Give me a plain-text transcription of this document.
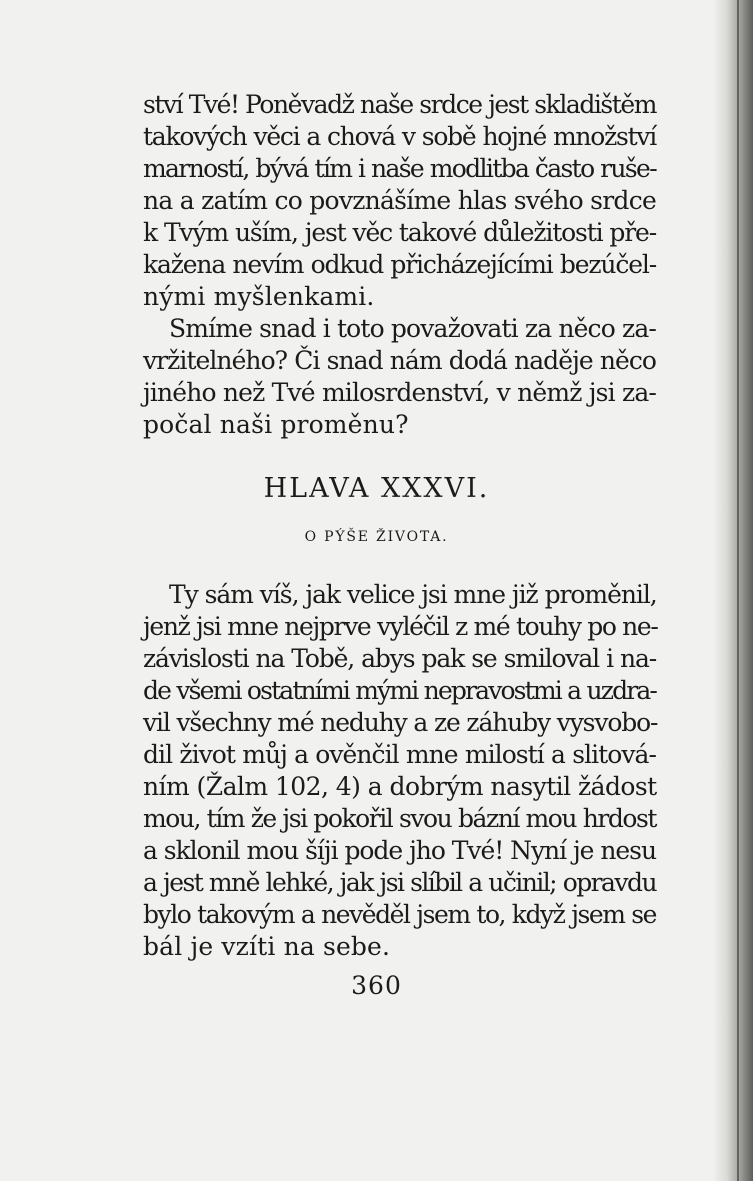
ství Tvé! Poněvadž naše srdce jest skladištěm
takových věci a chová v sobě hojné množství
marností, bývá tím i naše modlitba často ruše-
na a zatím co povznášíme hlas svého srdce
k Tvým uším, jest věc takové důležitosti pře-
kažena nevím odkud přicházejícími bezúčel-
nými myšlenkami.
Smíme snad i toto považovati za něco za-
vržitelného? Či snad nám dodá naděje něco
jiného než Tvé milosrdenství, v němž jsi za-
počal naši proměnu?
HLAVA XXXVI.
O PÝŠE ŽIVOTA.
Ty sám víš, jak velice jsi mne již proměnil,
jenž jsi mne nejprve vyléčil z mé touhy po ne-
závislosti na Tobě, abys pak se smiloval i na-
de všemi ostatními mými nepravostmi a uzdra-
vil všechny mé neduhy a ze záhuby vysvobo-
dil život můj a ověnčil mne milostí a slitová-
ním (Žalm 102, 4) a dobrým nasytil žádost
mou, tím že jsi pokořil svou bázní mou hrdost
a sklonil mou šíji pode jho Tvé! Nyní je nesu
a jest mně lehké, jak jsi slíbil a učinil; opravdu
bylo takovým a nevěděl jsem to, když jsem se
bál je vzíti na sebe.
360
